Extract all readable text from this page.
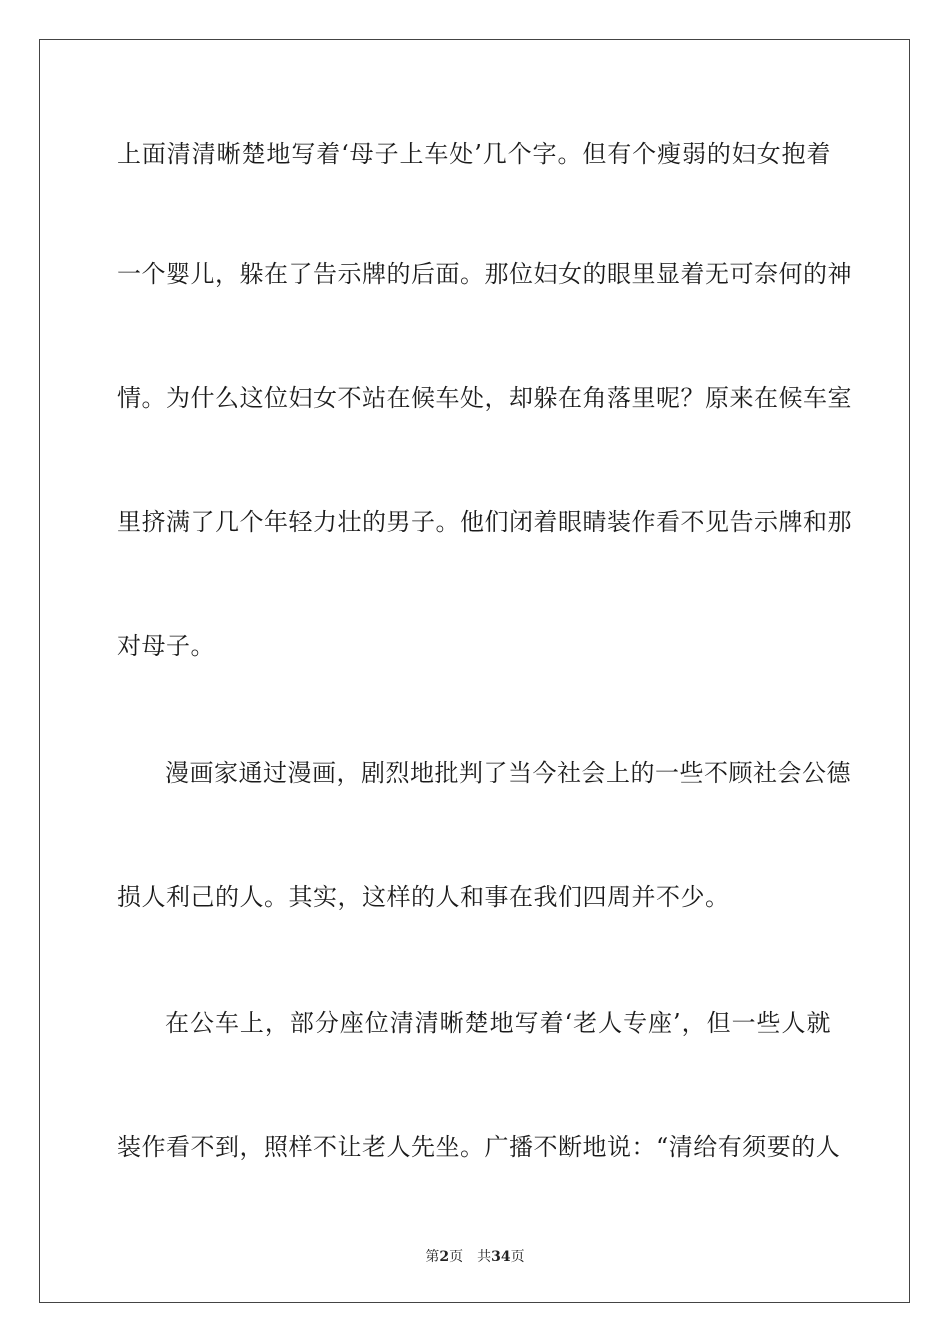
上面清清晰楚地写着‘母子上车处’几个字。但有个瘦弱的妇女抱着
一个婴儿，躲在了告示牌的后面。那位妇女的眼里显着无可奈何的神
情。为什么这位妇女不站在候车处，却躲在角落里呢？原来在候车室
里挤满了几个年轻力壮的男子。他们闭着眼睛装作看不见告示牌和那
对母子。
漫画家通过漫画，剧烈地批判了当今社会上的一些不顾社会公德
损人利己的人。其实，这样的人和事在我们四周并不少。
在公车上，部分座位清清晰楚地写着‘老人专座’，但一些人就
装作看不到，照样不让老人先坐。广播不断地说：“清给有须要的人
第2页 共34页
